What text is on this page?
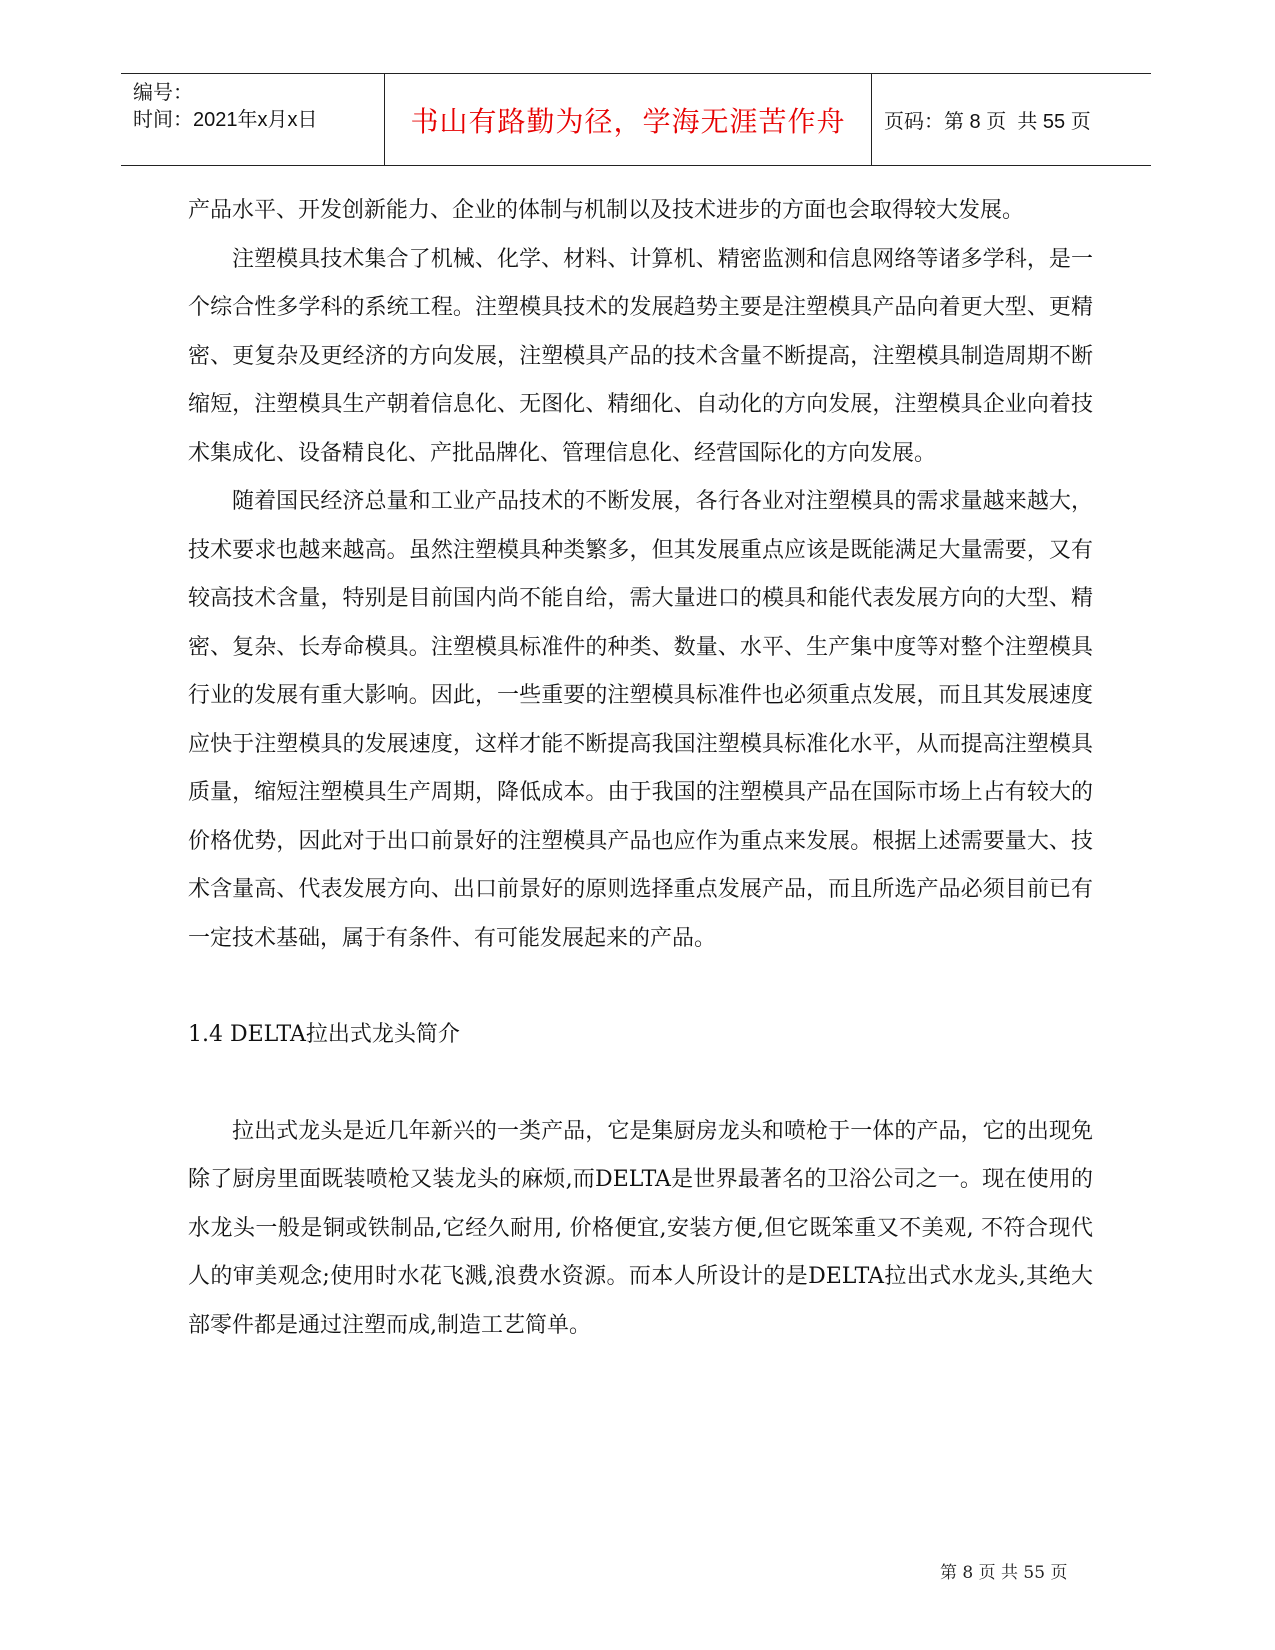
编号：
时间：2021年x月x日	书山有路勤为径，学海无涯苦作舟	页码：第 8 页  共 55 页

产品水平、开发创新能力、企业的体制与机制以及技术进步的方面也会取得较大发展。

注塑模具技术集合了机械、化学、材料、计算机、精密监测和信息网络等诸多学科，是一个综合性多学科的系统工程。注塑模具技术的发展趋势主要是注塑模具产品向着更大型、更精密、更复杂及更经济的方向发展，注塑模具产品的技术含量不断提高，注塑模具制造周期不断缩短，注塑模具生产朝着信息化、无图化、精细化、自动化的方向发展，注塑模具企业向着技术集成化、设备精良化、产批品牌化、管理信息化、经营国际化的方向发展。

随着国民经济总量和工业产品技术的不断发展，各行各业对注塑模具的需求量越来越大，技术要求也越来越高。虽然注塑模具种类繁多，但其发展重点应该是既能满足大量需要，又有较高技术含量，特别是目前国内尚不能自给，需大量进口的模具和能代表发展方向的大型、精密、复杂、长寿命模具。注塑模具标准件的种类、数量、水平、生产集中度等对整个注塑模具行业的发展有重大影响。因此，一些重要的注塑模具标准件也必须重点发展，而且其发展速度应快于注塑模具的发展速度，这样才能不断提高我国注塑模具标准化水平，从而提高注塑模具质量，缩短注塑模具生产周期，降低成本。由于我国的注塑模具产品在国际市场上占有较大的价格优势，因此对于出口前景好的注塑模具产品也应作为重点来发展。根据上述需要量大、技术含量高、代表发展方向、出口前景好的原则选择重点发展产品，而且所选产品必须目前已有一定技术基础，属于有条件、有可能发展起来的产品。

1.4 DELTA拉出式龙头简介

拉出式龙头是近几年新兴的一类产品，它是集厨房龙头和喷枪于一体的产品，它的出现免除了厨房里面既装喷枪又装龙头的麻烦,而DELTA是世界最著名的卫浴公司之一。现在使用的水龙头一般是铜或铁制品,它经久耐用, 价格便宜,安装方便,但它既笨重又不美观, 不符合现代人的审美观念;使用时水花飞溅,浪费水资源。而本人所设计的是DELTA拉出式水龙头,其绝大部零件都是通过注塑而成,制造工艺简单。

第 8 页 共 55 页
